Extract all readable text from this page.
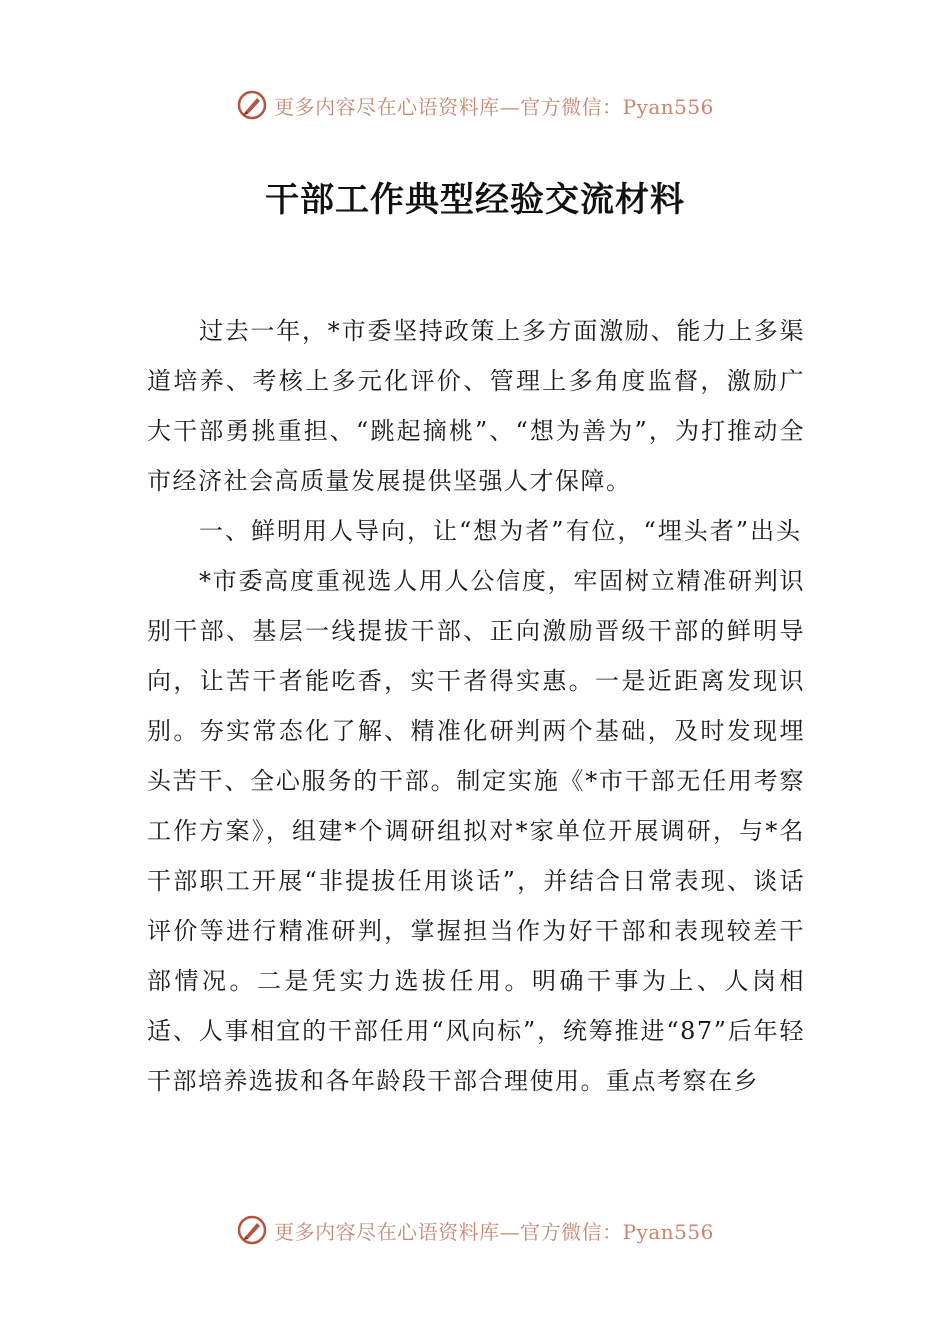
更多内容尽在心语资料库—官方微信：Pyan556
干部工作典型经验交流材料

过去一年，*市委坚持政策上多方面激励、能力上多渠道培养、考核上多元化评价、管理上多角度监督，激励广大干部勇挑重担、“跳起摘桃”、“想为善为”，为打推动全市经济社会高质量发展提供坚强人才保障。

一、鲜明用人导向，让“想为者”有位，“埋头者”出头

*市委高度重视选人用人公信度，牢固树立精准研判识别干部、基层一线提拔干部、正向激励晋级干部的鲜明导向，让苦干者能吃香，实干者得实惠。一是近距离发现识别。夯实常态化了解、精准化研判两个基础，及时发现埋头苦干、全心服务的干部。制定实施《*市干部无任用考察工作方案》，组建*个调研组拟对*家单位开展调研，与*名干部职工开展“非提拔任用谈话”，并结合日常表现、谈话评价等进行精准研判，掌握担当作为好干部和表现较差干部情况。二是凭实力选拔任用。明确干事为上、人岗相适、人事相宜的干部任用“风向标”，统筹推进“87”后年轻干部培养选拔和各年龄段干部合理使用。重点考察在乡

更多内容尽在心语资料库—官方微信：Pyan556
